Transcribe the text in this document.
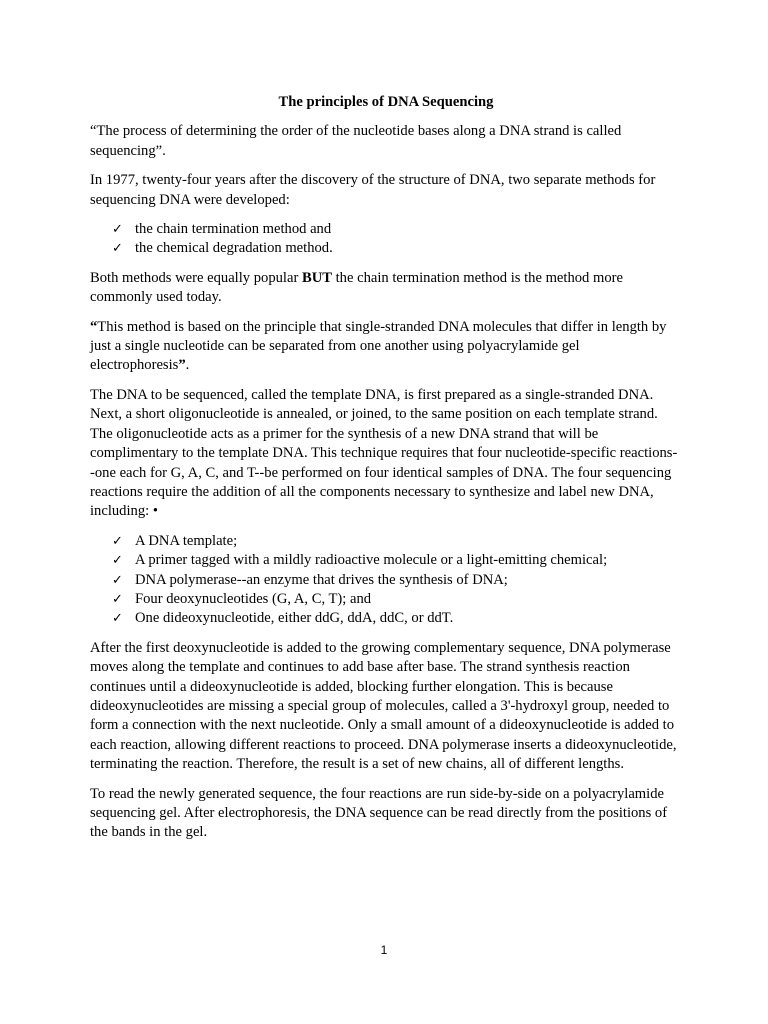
The principles of DNA Sequencing

“The process of determining the order of the nucleotide bases along a DNA strand is called sequencing”.

In 1977, twenty-four years after the discovery of the structure of DNA, two separate methods for sequencing DNA were developed:

✓ the chain termination method and
✓ the chemical degradation method.

Both methods were equally popular BUT the chain termination method is the method more commonly used today.

“This method is based on the principle that single-stranded DNA molecules that differ in length by just a single nucleotide can be separated from one another using polyacrylamide gel electrophoresis”.

The DNA to be sequenced, called the template DNA, is first prepared as a single-stranded DNA. Next, a short oligonucleotide is annealed, or joined, to the same position on each template strand. The oligonucleotide acts as a primer for the synthesis of a new DNA strand that will be complimentary to the template DNA. This technique requires that four nucleotide-specific reactions--one each for G, A, C, and T--be performed on four identical samples of DNA. The four sequencing reactions require the addition of all the components necessary to synthesize and label new DNA, including: •

✓ A DNA template;
✓ A primer tagged with a mildly radioactive molecule or a light-emitting chemical;
✓ DNA polymerase--an enzyme that drives the synthesis of DNA;
✓ Four deoxynucleotides (G, A, C, T); and
✓ One dideoxynucleotide, either ddG, ddA, ddC, or ddT.

After the first deoxynucleotide is added to the growing complementary sequence, DNA polymerase moves along the template and continues to add base after base. The strand synthesis reaction continues until a dideoxynucleotide is added, blocking further elongation. This is because dideoxynucleotides are missing a special group of molecules, called a 3'-hydroxyl group, needed to form a connection with the next nucleotide. Only a small amount of a dideoxynucleotide is added to each reaction, allowing different reactions to proceed. DNA polymerase inserts a dideoxynucleotide, terminating the reaction. Therefore, the result is a set of new chains, all of different lengths.

To read the newly generated sequence, the four reactions are run side-by-side on a polyacrylamide sequencing gel. After electrophoresis, the DNA sequence can be read directly from the positions of the bands in the gel.

1
